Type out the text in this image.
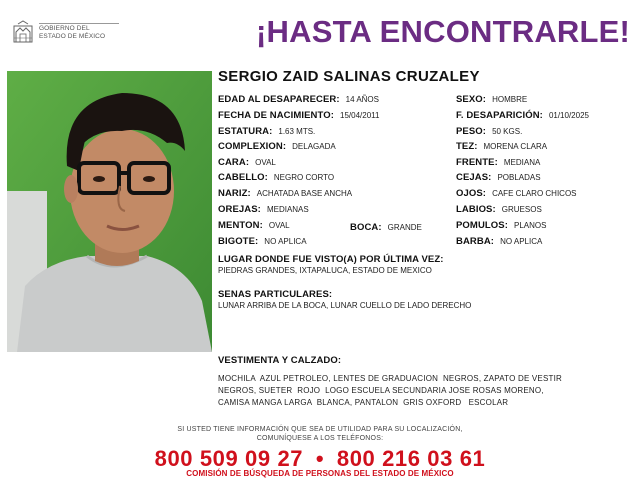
GOBIERNO DEL
ESTADO DE MÉXICO	¡HASTA ENCONTRARLE!
SERGIO ZAID SALINAS CRUZALEY
EDAD AL DESAPARECER: 14 AÑOS
FECHA DE NACIMIENTO: 15/04/2011
ESTATURA: 1.63 MTS.
COMPLEXION: DELAGADA
CARA: OVAL
CABELLO: NEGRO CORTO
NARIZ: ACHATADA BASE ANCHA
OREJAS: MEDIANAS
MENTON: OVAL
BIGOTE: NO APLICA
BOCA: GRANDE
SEXO: HOMBRE
F. DESAPARICIÓN: 01/10/2025
PESO: 50 KGS.
TEZ: MORENA CLARA
FRENTE: MEDIANA
CEJAS: POBLADAS
OJOS: CAFE CLARO CHICOS
LABIOS: GRUESOS
POMULOS: PLANOS
BARBA: NO APLICA
LUGAR DONDE FUE VISTO(A) POR ÚLTIMA VEZ:
PIEDRAS GRANDES, IXTAPALUCA, ESTADO DE MEXICO
SENAS PARTICULARES:
LUNAR ARRIBA DE LA BOCA, LUNAR CUELLO DE LADO DERECHO
VESTIMENTA Y CALZADO:
MOCHILA  AZUL PETROLEO, LENTES DE GRADUACION  NEGROS, ZAPATO DE VESTIR
NEGROS, SUETER  ROJO  LOGO ESCUELA SECUNDARIA JOSE ROSAS MORENO,
CAMISA MANGA LARGA  BLANCA, PANTALON  GRIS OXFORD   ESCOLAR
SI USTED TIENE INFORMACIÓN QUE SEA DE UTILIDAD PARA SU LOCALIZACIÓN,
COMUNÍQUESE A LOS TELÉFONOS:
800 509 09 27 • 800 216 03 61
COMISIÓN DE BÚSQUEDA DE PERSONAS DEL ESTADO DE MÉXICO
